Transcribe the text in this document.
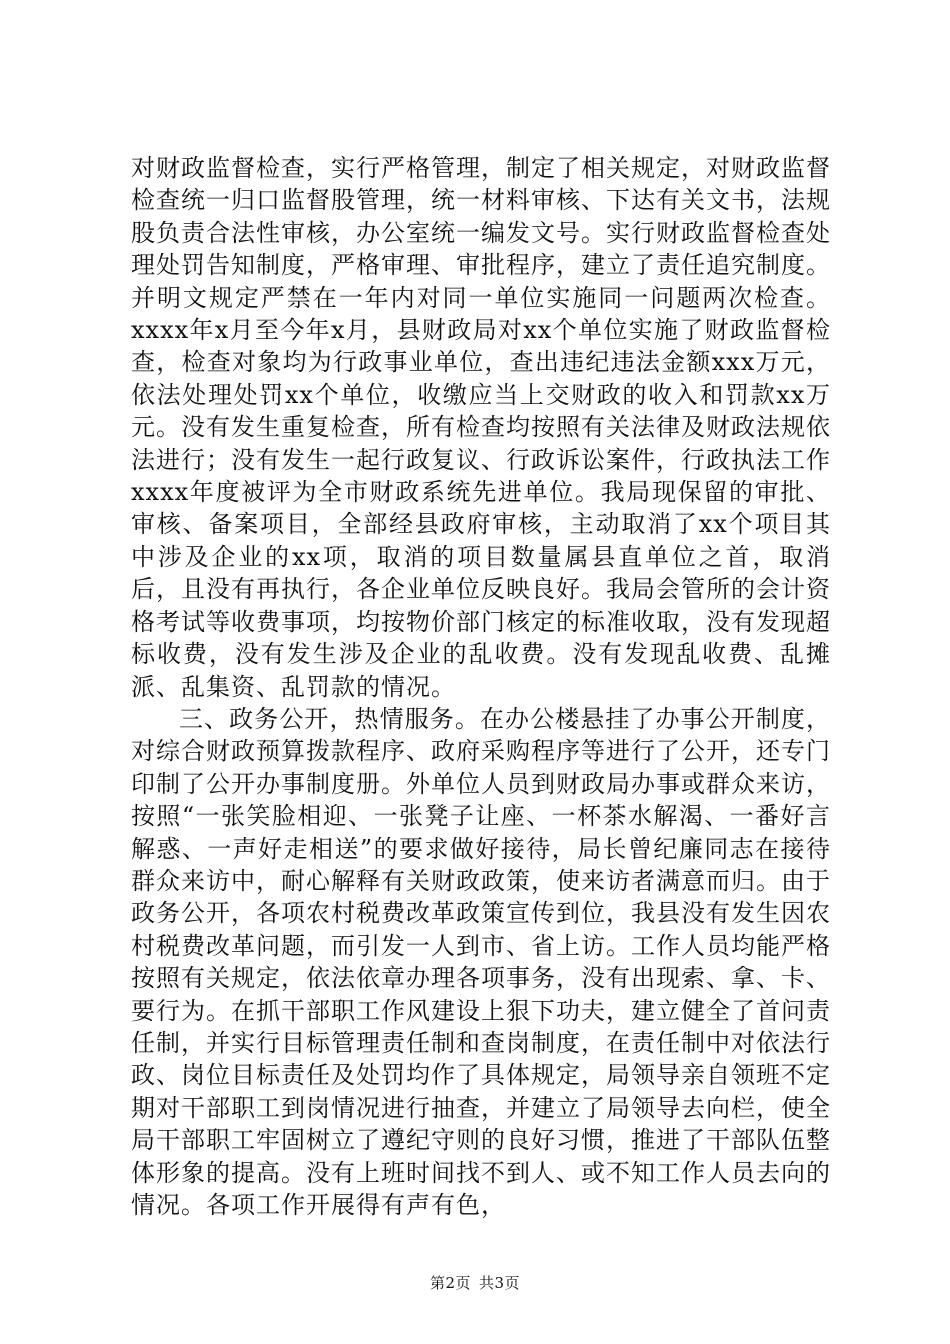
对财政监督检查，实行严格管理，制定了相关规定，对财政监督检查统一归口监督股管理，统一材料审核、下达有关文书，法规股负责合法性审核，办公室统一编发文号。实行财政监督检查处理处罚告知制度，严格审理、审批程序，建立了责任追究制度。并明文规定严禁在一年内对同一单位实施同一问题两次检查。xxxx年x月至今年x月，县财政局对xx个单位实施了财政监督检查，检查对象均为行政事业单位，查出违纪违法金额xxx万元，依法处理处罚xx个单位，收缴应当上交财政的收入和罚款xx万元。没有发生重复检查，所有检查均按照有关法律及财政法规依法进行；没有发生一起行政复议、行政诉讼案件，行政执法工作xxxx年度被评为全市财政系统先进单位。我局现保留的审批、审核、备案项目，全部经县政府审核，主动取消了xx个项目其中涉及企业的xx项，取消的项目数量属县直单位之首，取消后，且没有再执行，各企业单位反映良好。我局会管所的会计资格考试等收费事项，均按物价部门核定的标准收取，没有发现超标收费，没有发生涉及企业的乱收费。没有发现乱收费、乱摊派、乱集资、乱罚款的情况。

三、政务公开，热情服务。在办公楼悬挂了办事公开制度，对综合财政预算拨款程序、政府采购程序等进行了公开，还专门印制了公开办事制度册。外单位人员到财政局办事或群众来访，按照“一张笑脸相迎、一张凳子让座、一杯茶水解渴、一番好言解惑、一声好走相送”的要求做好接待，局长曾纪廉同志在接待群众来访中，耐心解释有关财政政策，使来访者满意而归。由于政务公开，各项农村税费改革政策宣传到位，我县没有发生因农村税费改革问题，而引发一人到市、省上访。工作人员均能严格按照有关规定，依法依章办理各项事务，没有出现索、拿、卡、要行为。在抓干部职工作风建设上狠下功夫，建立健全了首问责任制，并实行目标管理责任制和查岗制度，在责任制中对依法行政、岗位目标责任及处罚均作了具体规定，局领导亲自领班不定期对干部职工到岗情况进行抽查，并建立了局领导去向栏，使全局干部职工牢固树立了遵纪守则的良好习惯，推进了干部队伍整体形象的提高。没有上班时间找不到人、或不知工作人员去向的情况。各项工作开展得有声有色，

第2页 共3页
